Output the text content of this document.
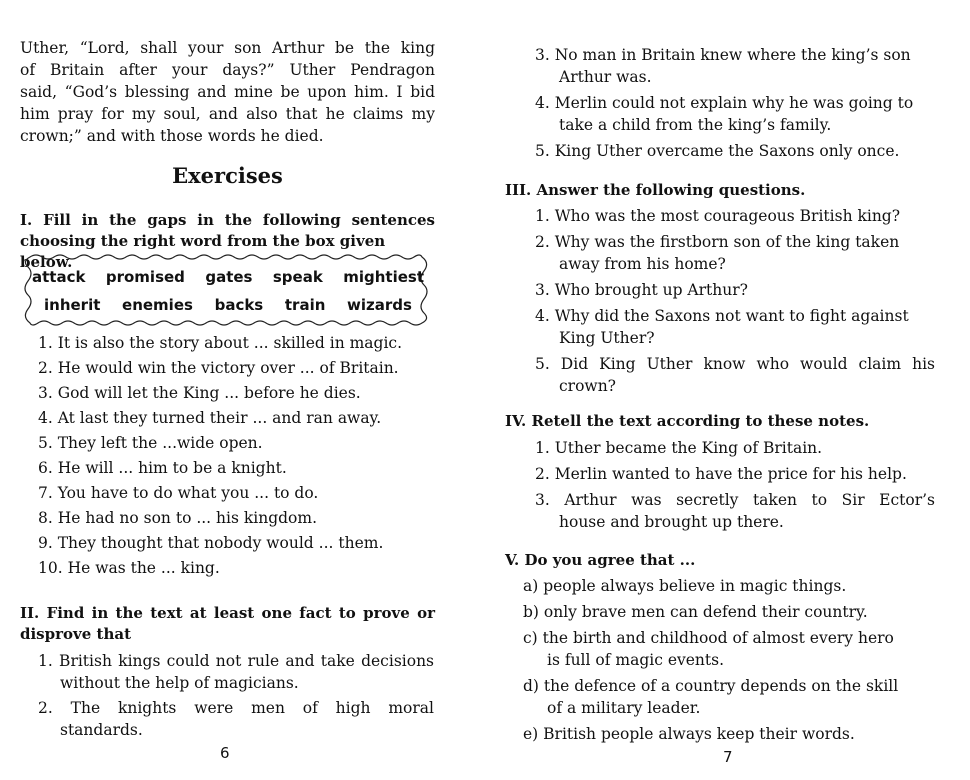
Uther, “Lord, shall your son Arthur be the king
of Britain after your days?” Uther Pendragon
said, “God’s blessing and mine be upon him. I bid
him pray for my soul, and also that he claims my
crown;” and with those words he died.
Exercises
I. Fill in the gaps in the following sentences
choosing the right word from the box given below.
attack promised gates speak mightiest
inherit enemies backs train wizards
1. It is also the story about ... skilled in magic.
2. He would win the victory over ... of Britain.
3. God will let the King ... before he dies.
4. At last they turned their ... and ran away.
5. They left the ...wide open.
6. He will ... him to be a knight.
7. You have to do what you ... to do.
8. He had no son to ... his kingdom.
9. They thought that nobody would ... them.
10. He was the ... king.
II. Find in the text at least one fact to prove or
disprove that
1. British kings could not rule and take decisions
without the help of magicians.
2. The knights were men of high moral
standards.
6
3. No man in Britain knew where the king’s son
Arthur was.
4. Merlin could not explain why he was going to
take a child from the king’s family.
5. King Uther overcame the Saxons only once.
III. Answer the following questions.
1. Who was the most courageous British king?
2. Why was the firstborn son of the king taken
away from his home?
3. Who brought up Arthur?
4. Why did the Saxons not want to fight against
King Uther?
5. Did King Uther know who would claim his
crown?
IV. Retell the text according to these notes.
1. Uther became the King of Britain.
2. Merlin wanted to have the price for his help.
3. Arthur was secretly taken to Sir Ector’s
house and brought up there.
V. Do you agree that ...
a) people always believe in magic things.
b) only brave men can defend their country.
c) the birth and childhood of almost every hero
is full of magic events.
d) the defence of a country depends on the skill
of a military leader.
e) British people always keep their words.
7
